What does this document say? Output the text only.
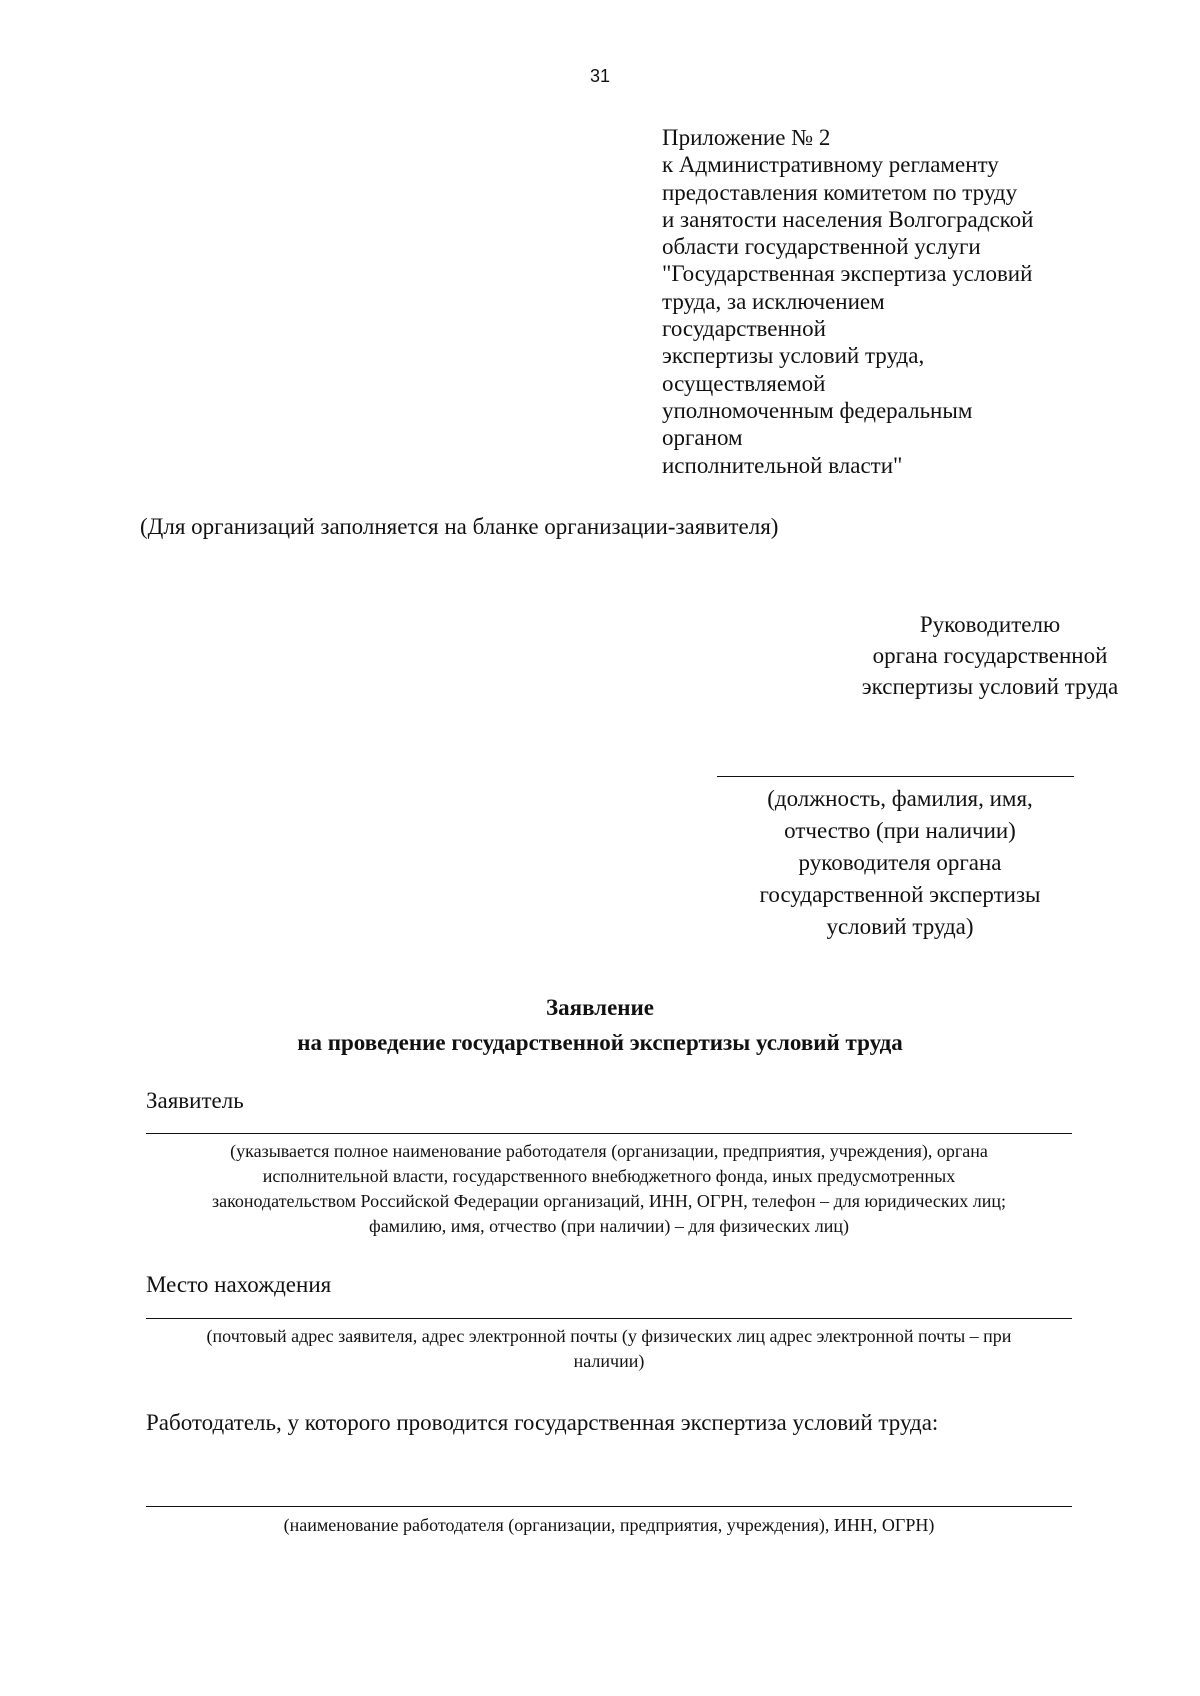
31
Приложение № 2
к Административному регламенту
предоставления комитетом по труду
и занятости населения Волгоградской
области государственной услуги
"Государственная экспертиза условий
труда, за исключением
государственной
экспертизы условий труда,
осуществляемой
уполномоченным федеральным
органом
исполнительной власти"
(Для организаций заполняется на бланке организации-заявителя)
Руководителю
органа государственной
экспертизы условий труда
(должность, фамилия, имя,
отчество (при наличии)
руководителя органа
государственной экспертизы
условий труда)
Заявление
на проведение государственной экспертизы условий труда
Заявитель
(указывается полное наименование работодателя (организации, предприятия, учреждения), органа
исполнительной власти, государственного внебюджетного фонда, иных предусмотренных
законодательством Российской Федерации организаций, ИНН, ОГРН, телефон – для юридических лиц;
фамилию, имя, отчество (при наличии) – для физических лиц)
Место нахождения
(почтовый адрес заявителя, адрес электронной почты (у физических лиц адрес электронной почты – при
наличии)
Работодатель, у которого проводится государственная экспертиза условий труда:
(наименование работодателя (организации, предприятия, учреждения), ИНН, ОГРН)
